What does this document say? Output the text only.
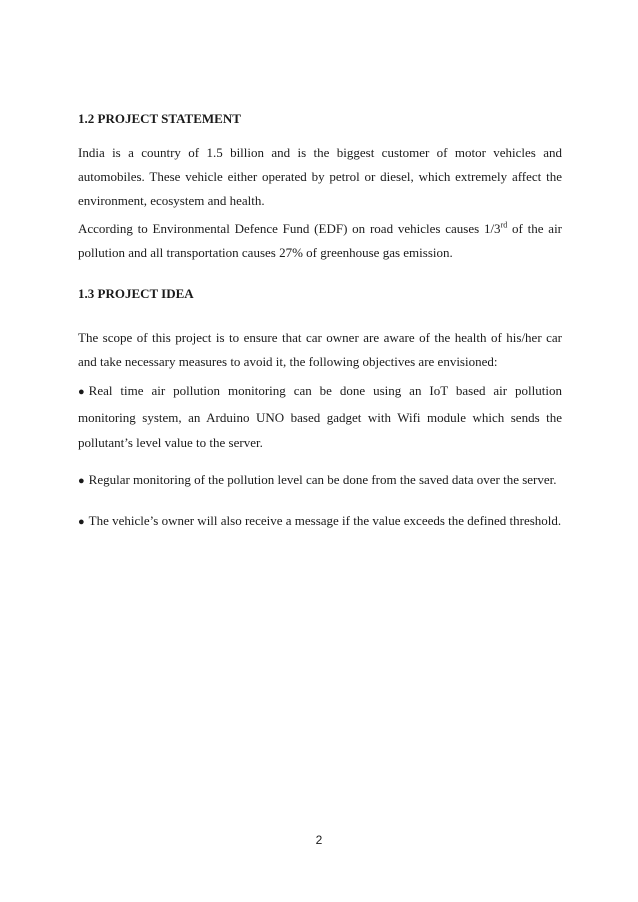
1.2 PROJECT STATEMENT
India is a country of 1.5 billion and is the biggest customer of motor vehicles and automobiles. These vehicle either operated by petrol or diesel, which extremely affect the environment, ecosystem and health.
According to Environmental Defence Fund (EDF) on road vehicles causes 1/3rd of the air pollution and all transportation causes 27% of greenhouse gas emission.
1.3 PROJECT IDEA
The scope of this project is to ensure that car owner are aware of the health of his/her car and take necessary measures to avoid it, the following objectives are envisioned:
● Real time air pollution monitoring can be done using an IoT based air pollution monitoring system, an Arduino UNO based gadget with Wifi module which sends the pollutant’s level value to the server.
● Regular monitoring of the pollution level can be done from the saved data over the server.
● The vehicle’s owner will also receive a message if the value exceeds the defined threshold.
2
